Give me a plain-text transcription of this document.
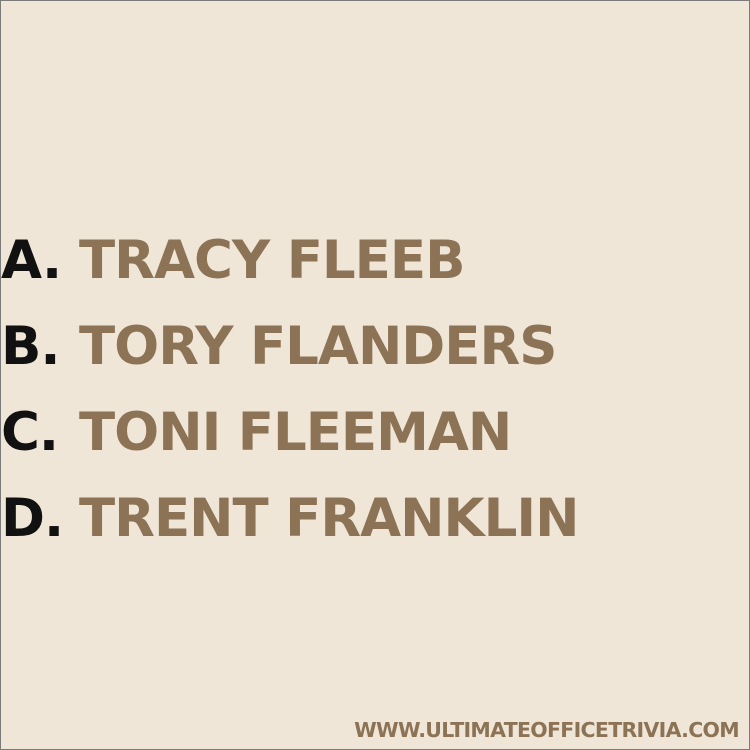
A. TRACY FLEEB
B. TORY FLANDERS
C. TONI FLEEMAN
D. TRENT FRANKLIN
WWW.ULTIMATEOFFICETRIVIA.COM
